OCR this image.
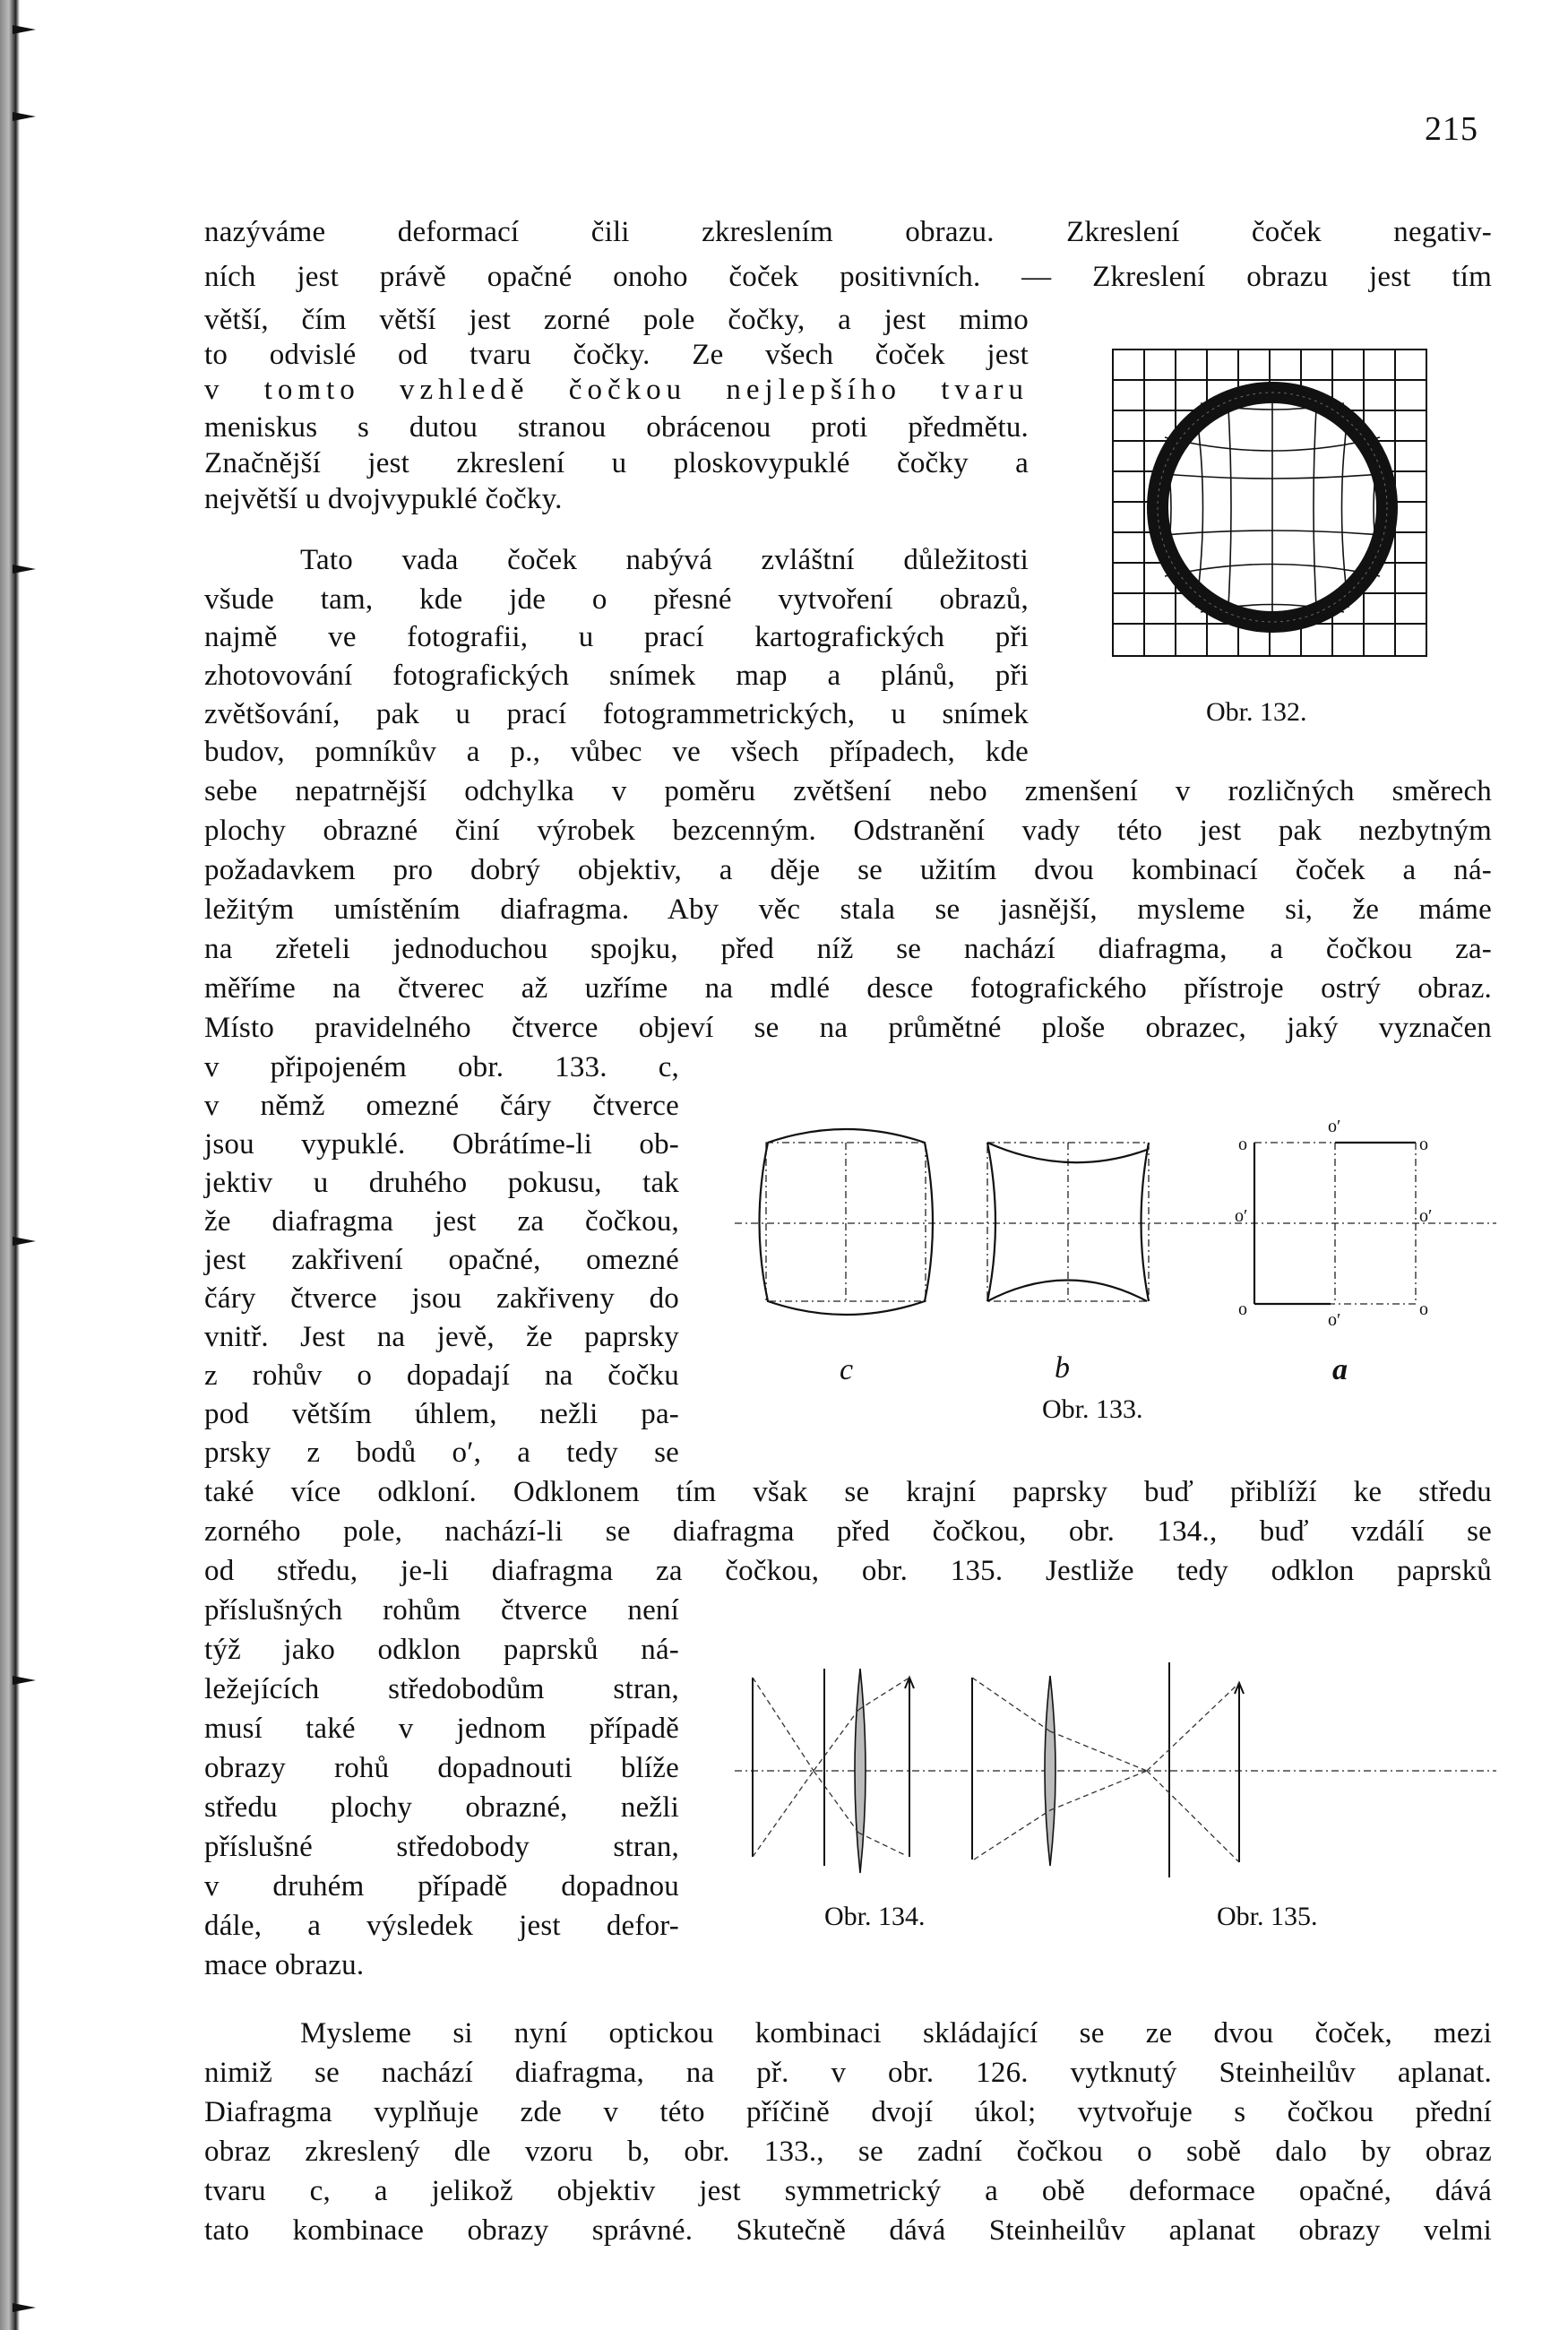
215
nazýváme deformací čili zkreslením obrazu. Zkreslení čoček negativ-
ních jest právě opačné onoho čoček positivních. — Zkreslení obrazu jest tím
větší, čím větší jest zorné pole čočky, a jest mimo
to odvislé od tvaru čočky. Ze všech čoček jest
v tomto vzhledě čočkou nejlepšího tvaru
meniskus s dutou stranou obrácenou proti předmětu.
Značnější jest zkreslení u ploskovypuklé čočky a
největší u dvojvypuklé čočky.
Tato vada čoček nabývá zvláštní důležitosti
všude tam, kde jde o přesné vytvoření obrazů,
najmě ve fotografii, u prací kartografických při
zhotovování fotografických snímek map a plánů, při
zvětšování, pak u prací fotogrammetrických, u snímek
budov, pomníkův a p., vůbec ve všech případech, kde
sebe nepatrnější odchylka v poměru zvětšení nebo zmenšení v rozličných směrech
plochy obrazné činí výrobek bezcenným. Odstranění vady této jest pak nezbytným
požadavkem pro dobrý objektiv, a děje se užitím dvou kombinací čoček a ná-
ležitým umístěním diafragma. Aby věc stala se jasnější, mysleme si, že máme
na zřeteli jednoduchou spojku, před níž se nachází diafragma, a čočkou za-
měříme na čtverec až uzříme na mdlé desce fotografického přístroje ostrý obraz.
Místo pravidelného čtverce objeví se na průmětné ploše obrazec, jaký vyznačen
v připojeném obr. 133. c,
v němž omezné čáry čtverce
jsou vypuklé. Obrátíme-li ob-
jektiv u druhého pokusu, tak
že diafragma jest za čočkou,
jest zakřivení opačné, omezné
čáry čtverce jsou zakřiveny do
vnitř. Jest na jevě, že paprsky
z rohův o dopadají na čočku
pod větším úhlem, nežli pa-
prsky z bodů o′, a tedy se
také více odkloní. Odklonem tím však se krajní paprsky buď přiblíží ke středu
zorného pole, nachází-li se diafragma před čočkou, obr. 134., buď vzdálí se
od středu, je-li diafragma za čočkou, obr. 135. Jestliže tedy odklon paprsků
příslušných rohům čtverce není
týž jako odklon paprsků ná-
ležejících středobodům stran,
musí také v jednom případě
obrazy rohů dopadnouti blíže
středu plochy obrazné, nežli
příslušné středobody stran,
v druhém případě dopadnou
dále, a výsledek jest defor-
mace obrazu.
Mysleme si nyní optickou kombinaci skládající se ze dvou čoček, mezi
nimiž se nachází diafragma, na př. v obr. 126. vytknutý Steinheilův aplanat.
Diafragma vyplňuje zde v této příčině dvojí úkol; vytvořuje s čočkou přední
obraz zkreslený dle vzoru b, obr. 133., se zadní čočkou o sobě dalo by obraz
tvaru c, a jelikož objektiv jest symmetrický a obě deformace opačné, dává
tato kombinace obrazy správné. Skutečně dává Steinheilův aplanat obrazy velmi
Obr. 132.
o	o
o′
o′
o′	o′
o	o
c	b	a
Obr. 133.
Obr. 134.	Obr. 135.
